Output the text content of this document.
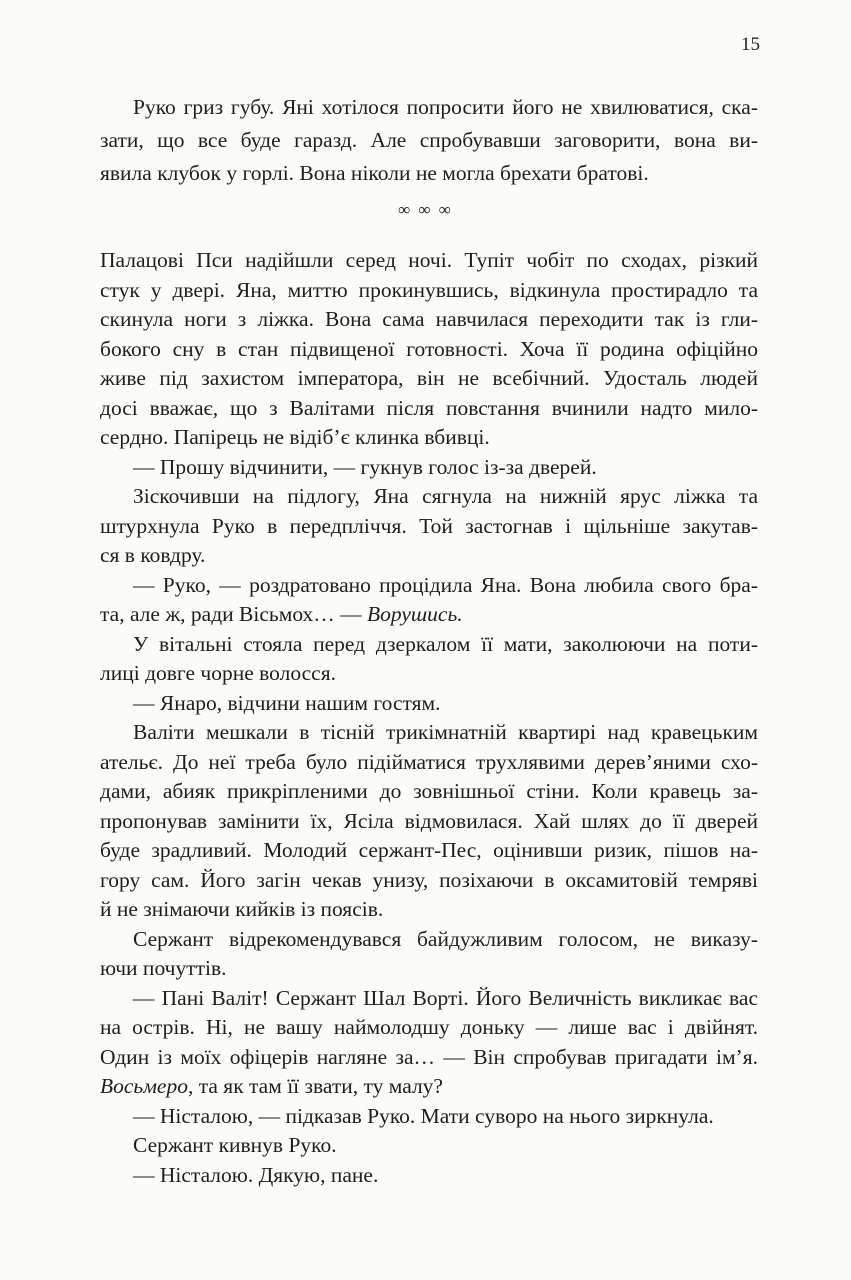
15
Руко гриз губу. Яні хотілося попросити його не хвилюватися, ска-
зати, що все буде гаразд. Але спробувавши заговорити, вона ви-
явила клубок у горлі. Вона ніколи не могла брехати братові.
∞ ∞ ∞
Палацові Пси надійшли серед ночі. Тупіт чобіт по сходах, різкий
стук у двері. Яна, миттю прокинувшись, відкинула простирадло та
скинула ноги з ліжка. Вона сама навчилася переходити так із гли-
бокого сну в стан підвищеної готовності. Хоча її родина офіційно
живе під захистом імператора, він не всебічний. Удосталь людей
досі вважає, що з Валітами після повстання вчинили надто мило-
сердно. Папірець не відіб’є клинка вбивці.
— Прошу відчинити, — гукнув голос із-за дверей.
Зіскочивши на підлогу, Яна сягнула на нижній ярус ліжка та
штурхнула Руко в передпліччя. Той застогнав і щільніше закутав-
ся в ковдру.
— Руко, — роздратовано процідила Яна. Вона любила свого бра-
та, але ж, ради Вісьмох… — Ворушись.
У вітальні стояла перед дзеркалом її мати, заколюючи на поти-
лиці довге чорне волосся.
— Янаро, відчини нашим гостям.
Валіти мешкали в тісній трикімнатній квартирі над кравецьким
ательє. До неї треба було підійматися трухлявими дерев’яними схо-
дами, абияк прикріпленими до зовнішньої стіни. Коли кравець за-
пропонував замінити їх, Ясіла відмовилася. Хай шлях до її дверей
буде зрадливий. Молодий сержант-Пес, оцінивши ризик, пішов на-
гору сам. Його загін чекав унизу, позіхаючи в оксамитовій темряві
й не знімаючи кийків із поясів.
Сержант відрекомендувався байдужливим голосом, не виказу-
ючи почуттів.
— Пані Валіт! Сержант Шал Ворті. Його Величність викликає вас
на острів. Ні, не вашу наймолодшу доньку — лише вас і двійнят.
Один із моїх офіцерів нагляне за… — Він спробував пригадати ім’я.
Восьмеро, та як там її звати, ту малу?
— Ністалою, — підказав Руко. Мати суворо на нього зиркнула.
Сержант кивнув Руко.
— Ністалою. Дякую, пане.
